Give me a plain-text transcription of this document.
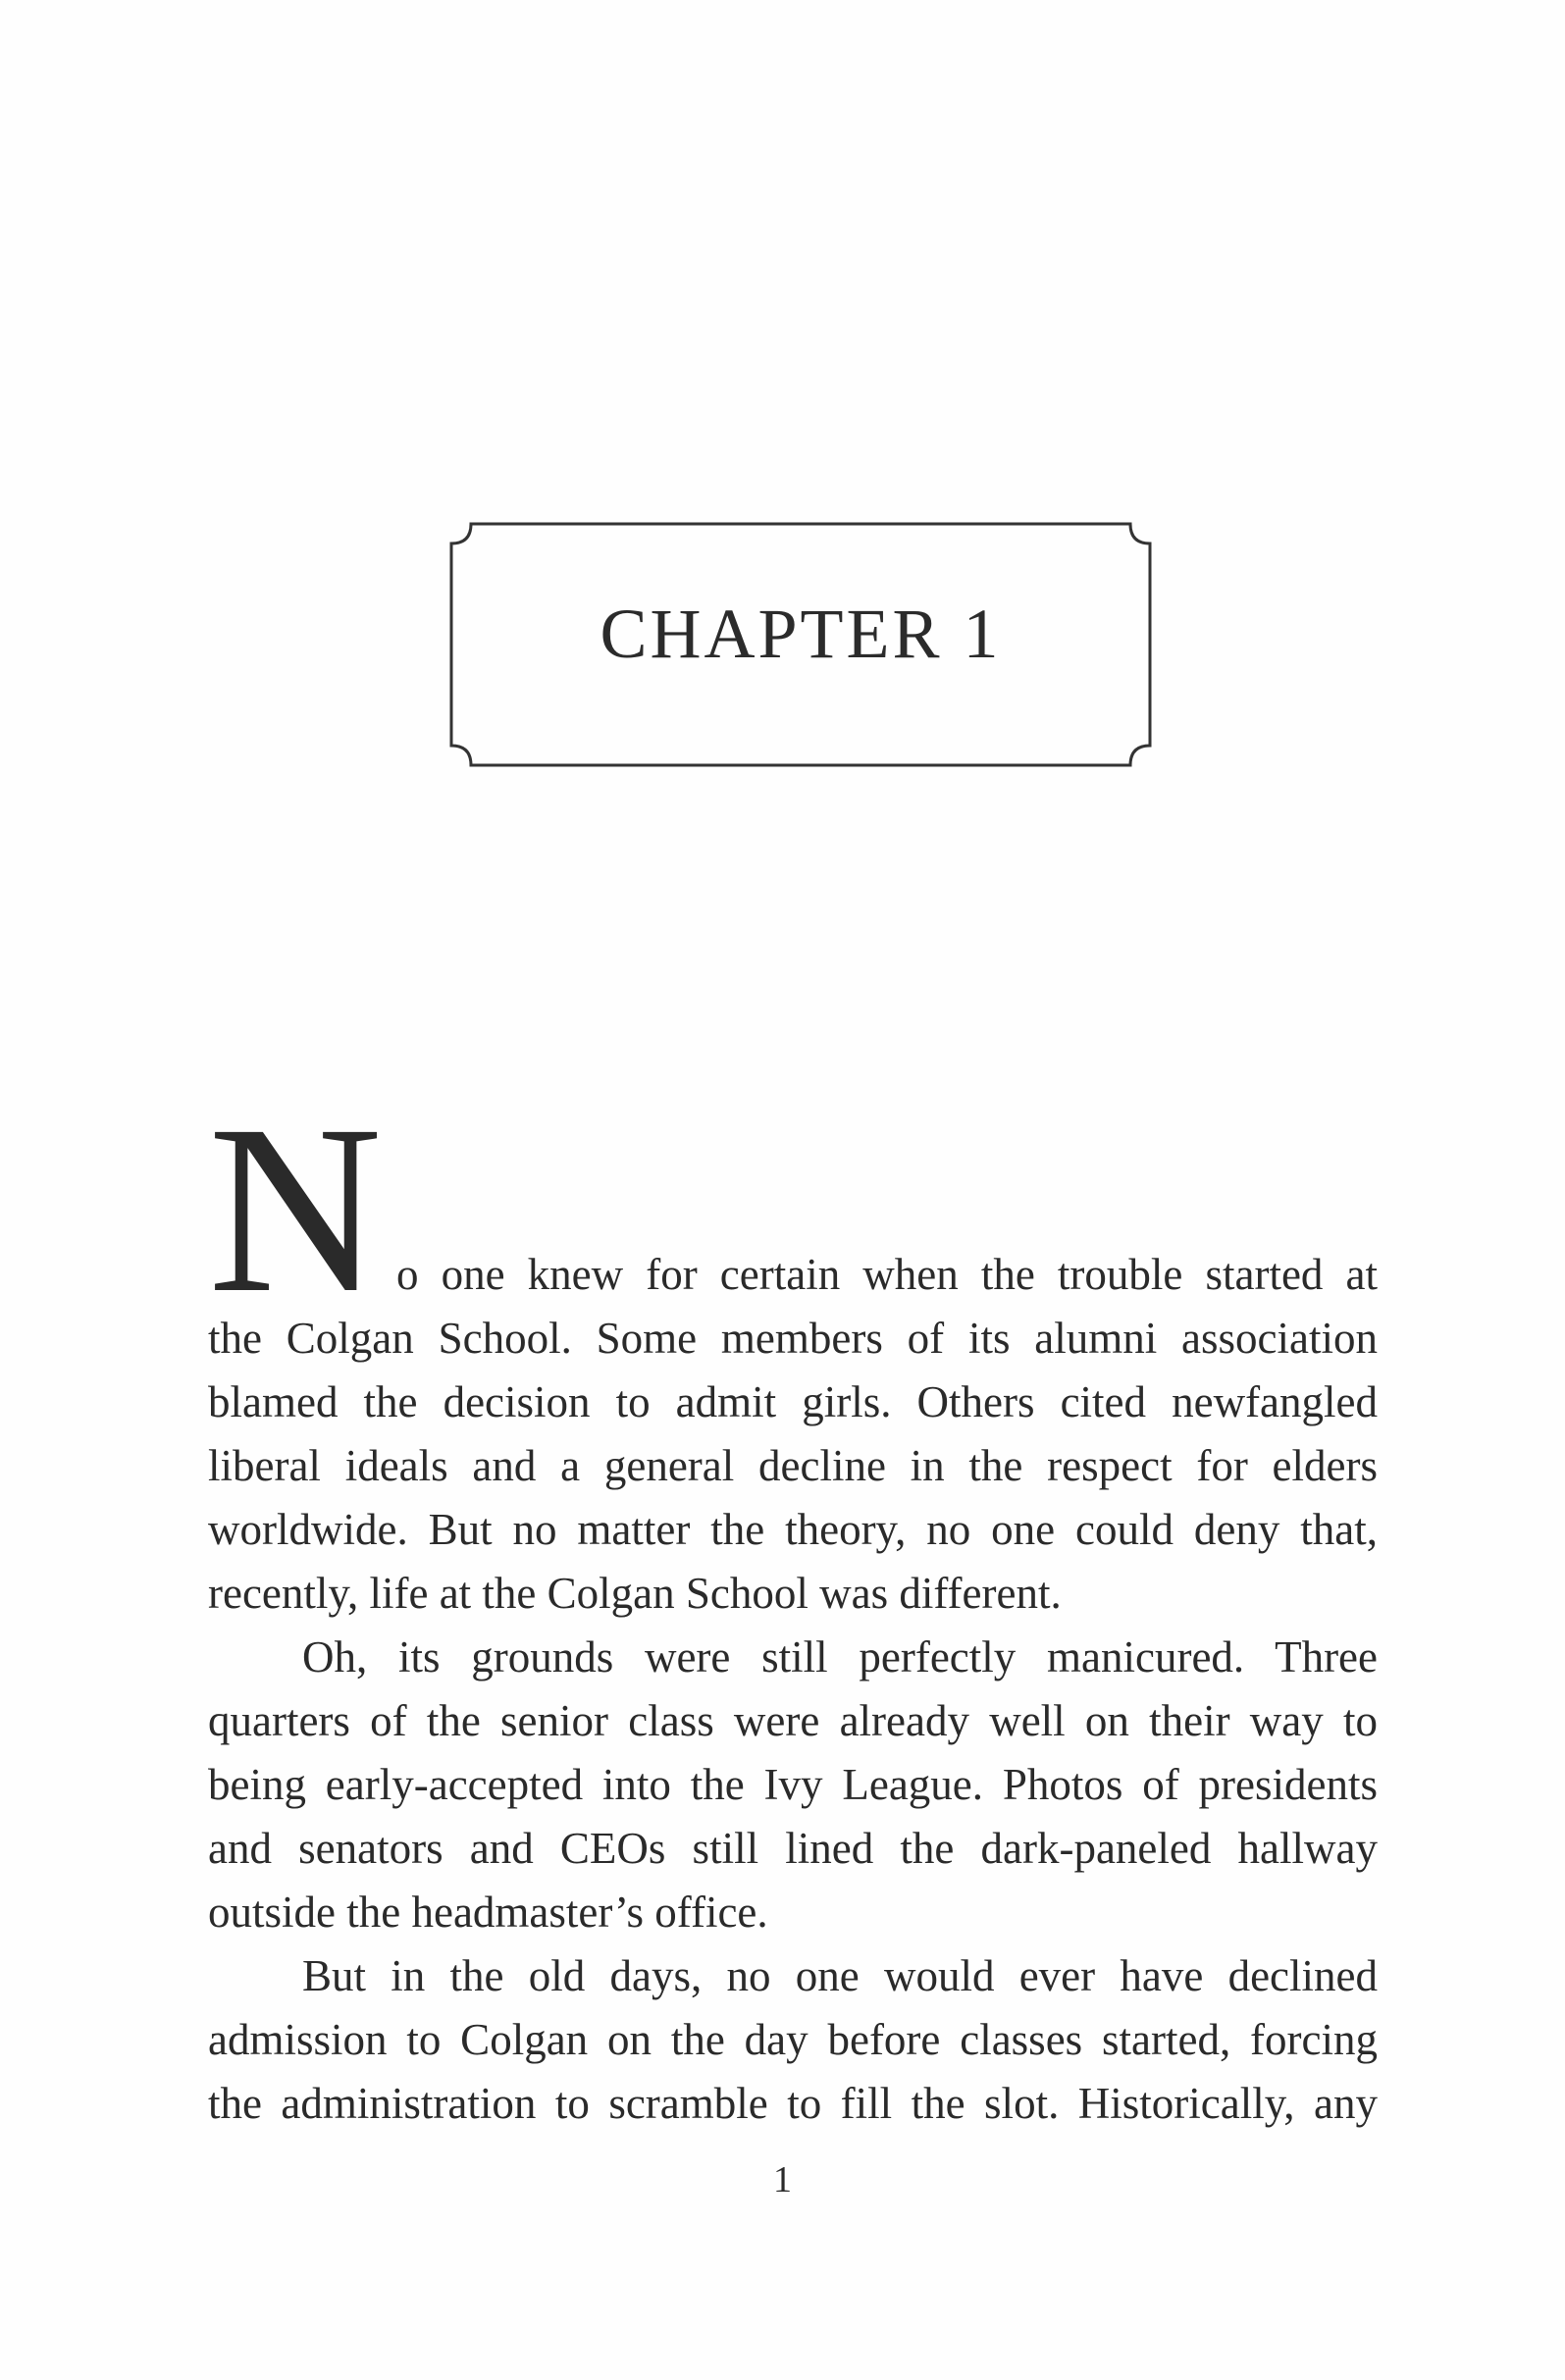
CHAPTER 1
N o one knew for certain when the trouble started at
the Colgan School. Some members of its alumni association
blamed the decision to admit girls. Others cited newfangled
liberal ideals and a general decline in the respect for elders
worldwide. But no matter the theory, no one could deny that,
recently, life at the Colgan School was different.
Oh, its grounds were still perfectly manicured. Three
quarters of the senior class were already well on their way to
being early-accepted into the Ivy League. Photos of presidents
and senators and CEOs still lined the dark-paneled hallway
outside the headmaster’s office.
But in the old days, no one would ever have declined
admission to Colgan on the day before classes started, forcing
the administration to scramble to fill the slot. Historically, any
1
